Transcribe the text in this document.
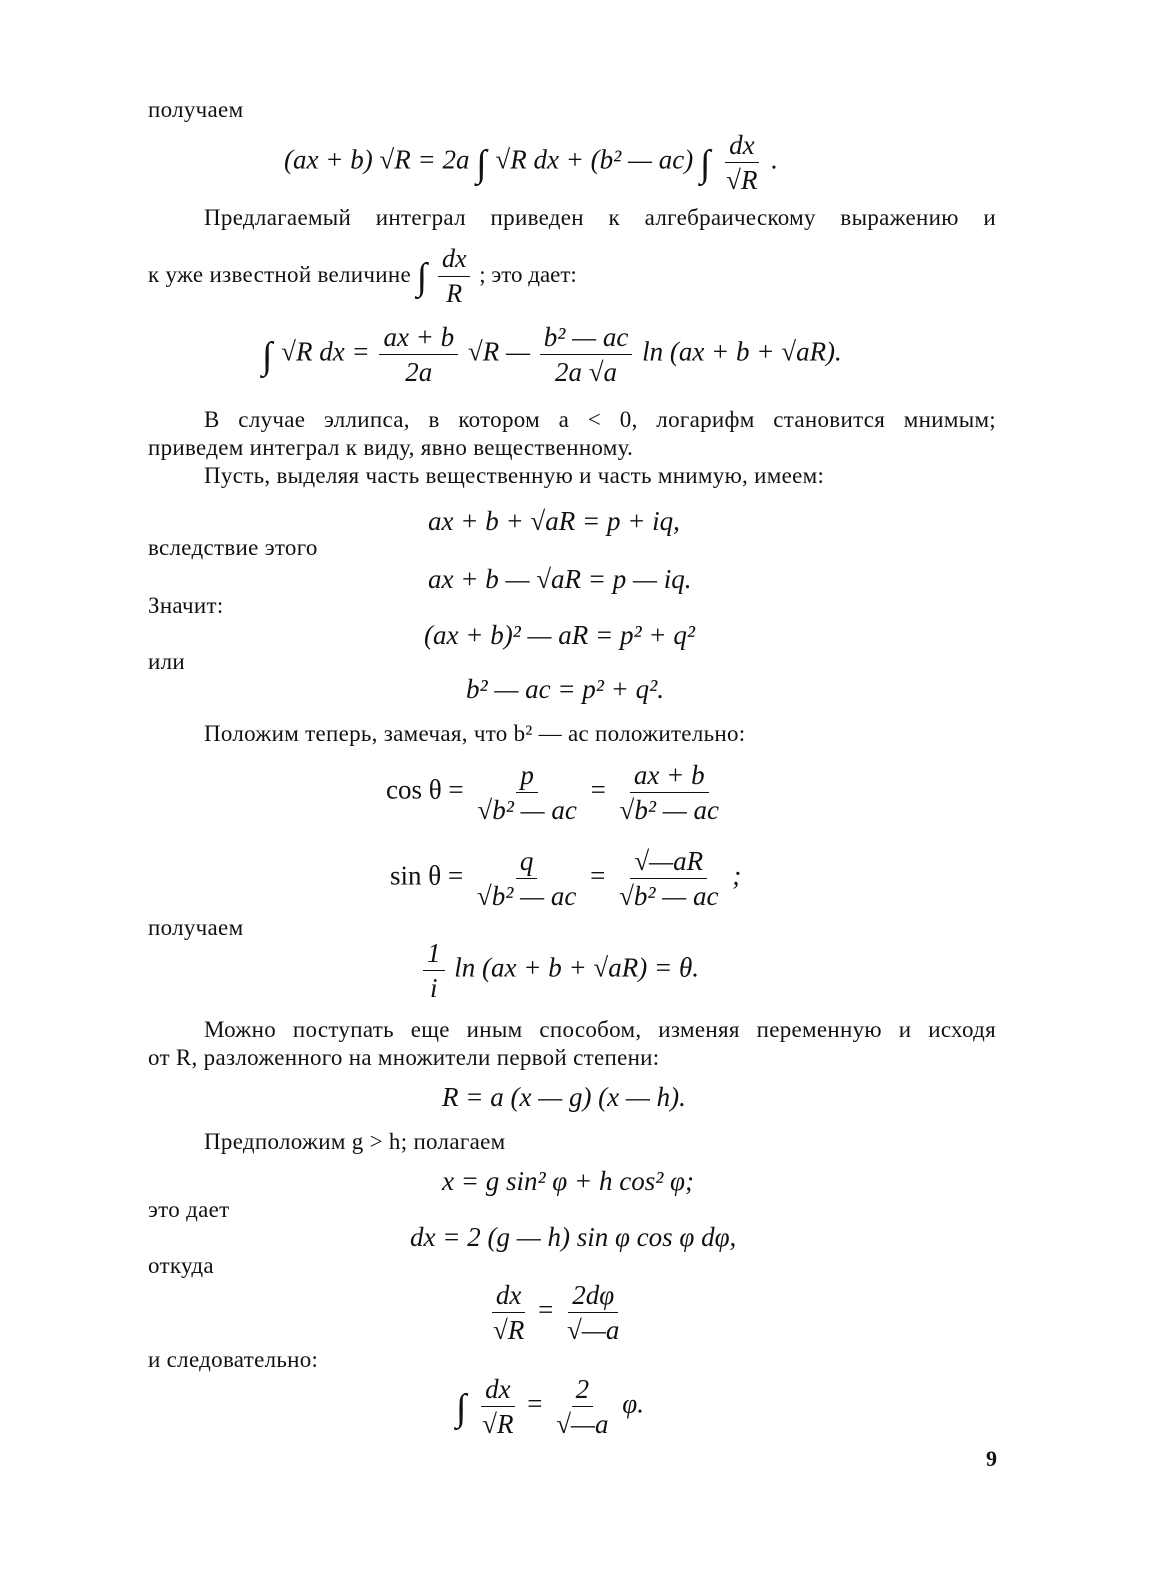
получаем
(ax + b) √R = 2a ∫ √R dx + (b² — ac) ∫ $\frac{dx}{√R}$ .
Предлагаемый интеграл приведен к алгебраическому выражению и
к уже известной величине ∫ $\frac{dx}{R}$ ; это дает:
∫ √R dx = $\frac{ax + b}{2a} √R$ — $\frac{\text{b² — ac}}{2a √a}$ ln (ax + b + √aR).
В случае эллипса, в котором a < 0, логарифм становится мнимым;
приведем интеграл к виду, явно вещественному.
Пусть, выделяя часть вещественную и часть мнимую, имеем:
ax + b + √aR = p + iq,
вследствие этого
ax + b — √aR = p — iq.
Значит:
(ax + b)² — aR = p² + q²
или
b² — ac = p² + q².
Положим теперь, замечая, что b² — ac положительно:
$\cos \theta = \frac{p}{\text{√b² — ac}} = \frac{ax + b}{\text{√b² — ac}}$
$\sin \theta = \frac{q}{\text{√b² — ac}} = \frac{√—aR}{\text{√b² — ac}}$ ;
получаем
$\frac{1}{i}$ ln (ax + b + √aR) = θ.
Можно поступать еще иным способом, изменяя переменную и исходя
от R, разложенного на множители первой степени:
R = a (x — g) (x — h).
Предположим g > h; полагаем
x = g sin² φ + h cos² φ;
это дает
dx = 2 (g — h) sin φ cos φ dφ,
откуда
$\frac{dx}{√R} = \frac{2d\varphi}{√—a}$
и следовательно:
∫ $\frac{dx}{√R} = \frac{2}{√—a} \varphi$.
9
